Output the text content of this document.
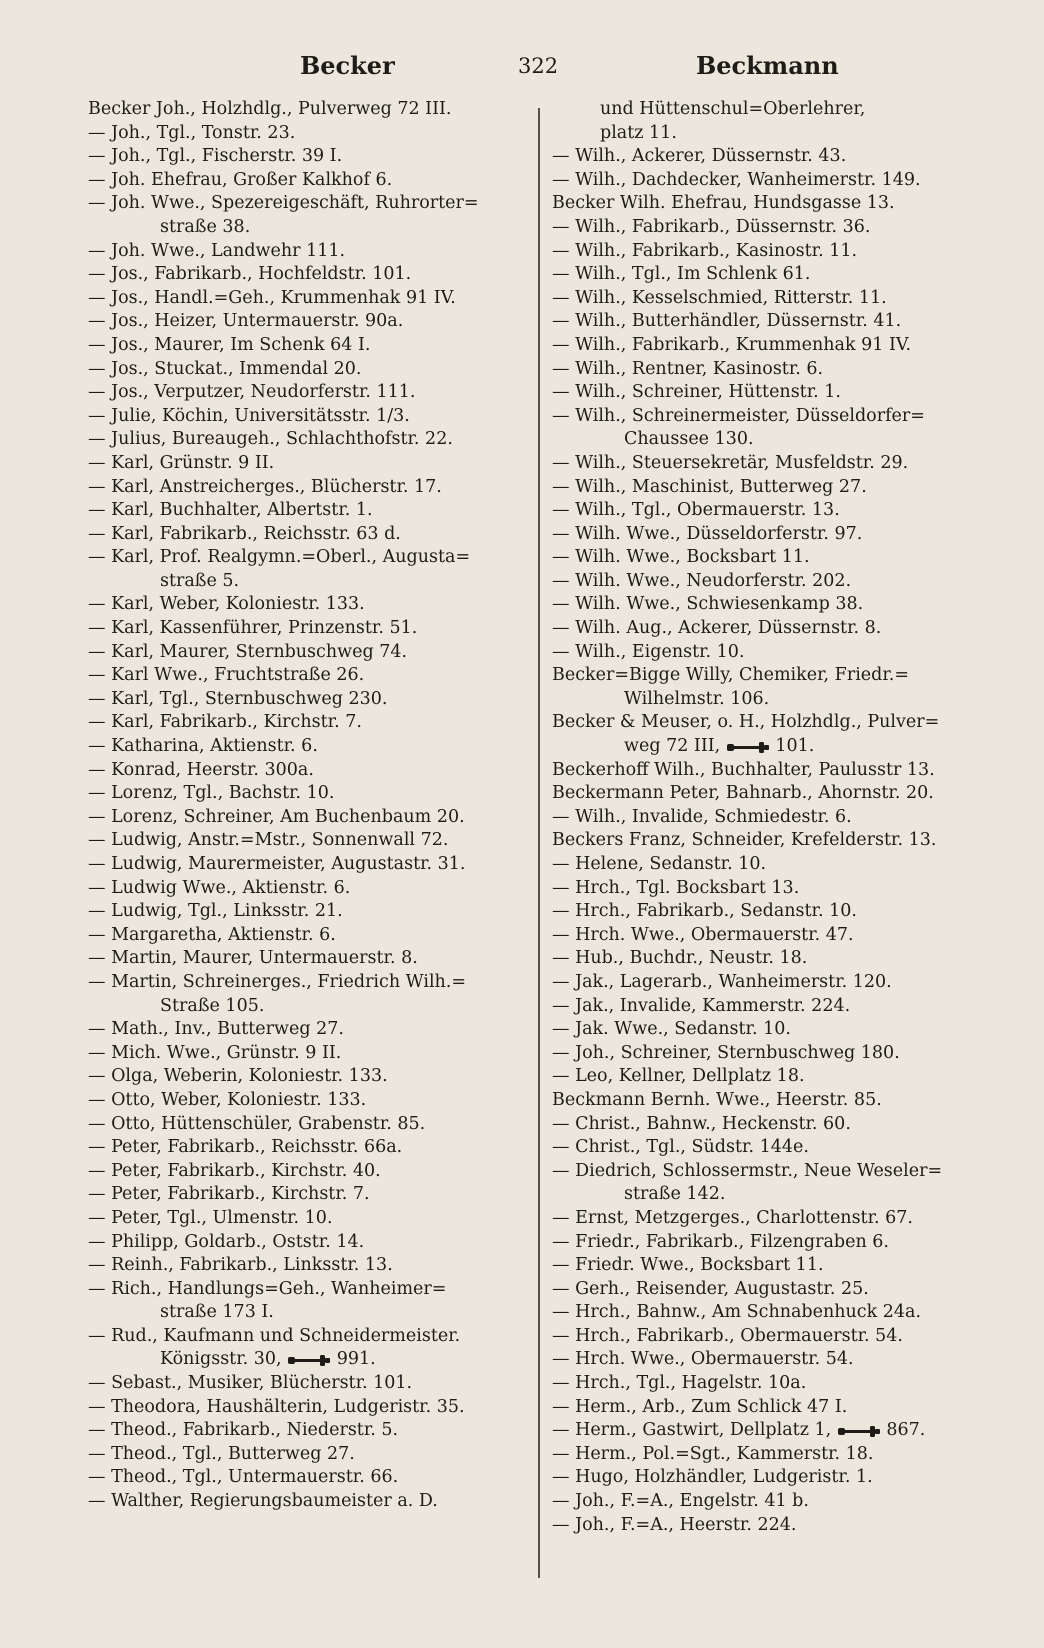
Becker	322	Beckmann
Becker Joh., Holzhdlg., Pulverweg 72 III.
— Joh., Tgl., Tonstr. 23.
— Joh., Tgl., Fischerstr. 39 I.
— Joh. Ehefrau, Großer Kalkhof 6.
— Joh. Wwe., Spezereigeschäft, Ruhrorter=
straße 38.
— Joh. Wwe., Landwehr 111.
— Jos., Fabrikarb., Hochfeldstr. 101.
— Jos., Handl.=Geh., Krummenhak 91 IV.
— Jos., Heizer, Untermauerstr. 90a.
— Jos., Maurer, Im Schenk 64 I.
— Jos., Stuckat., Immendal 20.
— Jos., Verputzer, Neudorferstr. 111.
— Julie, Köchin, Universitätsstr. 1/3.
— Julius, Bureaugeh., Schlachthofstr. 22.
— Karl, Grünstr. 9 II.
— Karl, Anstreicherges., Blücherstr. 17.
— Karl, Buchhalter, Albertstr. 1.
— Karl, Fabrikarb., Reichsstr. 63 d.
— Karl, Prof. Realgymn.=Oberl., Augusta=
straße 5.
— Karl, Weber, Koloniestr. 133.
— Karl, Kassenführer, Prinzenstr. 51.
— Karl, Maurer, Sternbuschweg 74.
— Karl Wwe., Fruchtstraße 26.
— Karl, Tgl., Sternbuschweg 230.
— Karl, Fabrikarb., Kirchstr. 7.
— Katharina, Aktienstr. 6.
— Konrad, Heerstr. 300a.
— Lorenz, Tgl., Bachstr. 10.
— Lorenz, Schreiner, Am Buchenbaum 20.
— Ludwig, Anstr.=Mstr., Sonnenwall 72.
— Ludwig, Maurermeister, Augustastr. 31.
— Ludwig Wwe., Aktienstr. 6.
— Ludwig, Tgl., Linksstr. 21.
— Margaretha, Aktienstr. 6.
— Martin, Maurer, Untermauerstr. 8.
— Martin, Schreinerges., Friedrich Wilh.=
Straße 105.
— Math., Inv., Butterweg 27.
— Mich. Wwe., Grünstr. 9 II.
— Olga, Weberin, Koloniestr. 133.
— Otto, Weber, Koloniestr. 133.
— Otto, Hüttenschüler, Grabenstr. 85.
— Peter, Fabrikarb., Reichsstr. 66a.
— Peter, Fabrikarb., Kirchstr. 40.
— Peter, Fabrikarb., Kirchstr. 7.
— Peter, Tgl., Ulmenstr. 10.
— Philipp, Goldarb., Oststr. 14.
— Reinh., Fabrikarb., Linksstr. 13.
— Rich., Handlungs=Geh., Wanheimer=
straße 173 I.
— Rud., Kaufmann und Schneidermeister.
Königsstr. 30,	991.
— Sebast., Musiker, Blücherstr. 101.
— Theodora, Haushälterin, Ludgeristr. 35.
— Theod., Fabrikarb., Niederstr. 5.
— Theod., Tgl., Butterweg 27.
— Theod., Tgl., Untermauerstr. 66.
— Walther, Regierungsbaumeister a. D.
und Hüttenschul=Oberlehrer,
platz 11.
— Wilh., Ackerer, Düssernstr. 43.
— Wilh., Dachdecker, Wanheimerstr. 149.
Becker Wilh. Ehefrau, Hundsgasse 13.
— Wilh., Fabrikarb., Düssernstr. 36.
— Wilh., Fabrikarb., Kasinostr. 11.
— Wilh., Tgl., Im Schlenk 61.
— Wilh., Kesselschmied, Ritterstr. 11.
— Wilh., Butterhändler, Düssernstr. 41.
— Wilh., Fabrikarb., Krummenhak 91 IV.
— Wilh., Rentner, Kasinostr. 6.
— Wilh., Schreiner, Hüttenstr. 1.
— Wilh., Schreinermeister, Düsseldorfer=
Chaussee 130.
— Wilh., Steuersekretär, Musfeldstr. 29.
— Wilh., Maschinist, Butterweg 27.
— Wilh., Tgl., Obermauerstr. 13.
— Wilh. Wwe., Düsseldorferstr. 97.
— Wilh. Wwe., Bocksbart 11.
— Wilh. Wwe., Neudorferstr. 202.
— Wilh. Wwe., Schwiesenkamp 38.
— Wilh. Aug., Ackerer, Düssernstr. 8.
— Wilh., Eigenstr. 10.
Becker=Bigge Willy, Chemiker, Friedr.=
Wilhelmstr. 106.
Becker & Meuser, o. H., Holzhdlg., Pulver=
weg 72 III,	101.
Beckerhoff Wilh., Buchhalter, Paulusstr 13.
Beckermann Peter, Bahnarb., Ahornstr. 20.
— Wilh., Invalide, Schmiedestr. 6.
Beckers Franz, Schneider, Krefelderstr. 13.
— Helene, Sedanstr. 10.
— Hrch., Tgl. Bocksbart 13.
— Hrch., Fabrikarb., Sedanstr. 10.
— Hrch. Wwe., Obermauerstr. 47.
— Hub., Buchdr., Neustr. 18.
— Jak., Lagerarb., Wanheimerstr. 120.
— Jak., Invalide, Kammerstr. 224.
— Jak. Wwe., Sedanstr. 10.
— Joh., Schreiner, Sternbuschweg 180.
— Leo, Kellner, Dellplatz 18.
Beckmann Bernh. Wwe., Heerstr. 85.
— Christ., Bahnw., Heckenstr. 60.
— Christ., Tgl., Südstr. 144e.
— Diedrich, Schlossermstr., Neue Weseler=
straße 142.
— Ernst, Metzgerges., Charlottenstr. 67.
— Friedr., Fabrikarb., Filzengraben 6.
— Friedr. Wwe., Bocksbart 11.
— Gerh., Reisender, Augustastr. 25.
— Hrch., Bahnw., Am Schnabenhuck 24a.
— Hrch., Fabrikarb., Obermauerstr. 54.
— Hrch. Wwe., Obermauerstr. 54.
— Hrch., Tgl., Hagelstr. 10a.
— Herm., Arb., Zum Schlick 47 I.
— Herm., Gastwirt, Dellplatz 1,	867.
— Herm., Pol.=Sgt., Kammerstr. 18.
— Hugo, Holzhändler, Ludgeristr. 1.
— Joh., F.=A., Engelstr. 41 b.
— Joh., F.=A., Heerstr. 224.
